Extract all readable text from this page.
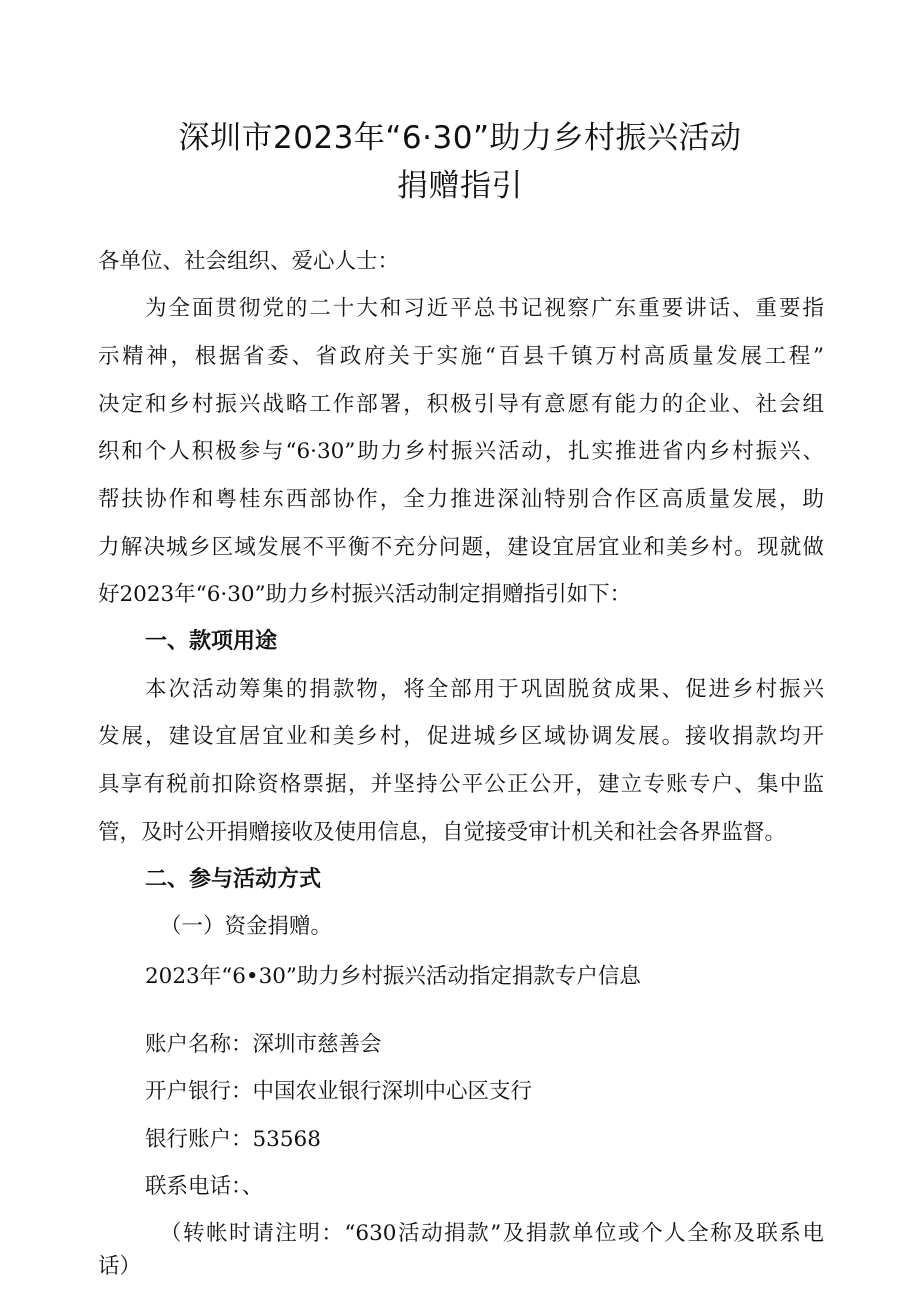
深圳市2023年“6·30”助力乡村振兴活动
捐赠指引
各单位、社会组织、爱心人士：
为全面贯彻党的二十大和习近平总书记视察广东重要讲话、重要指
示精神，根据省委、省政府关于实施“百县千镇万村高质量发展工程”
决定和乡村振兴战略工作部署，积极引导有意愿有能力的企业、社会组
织和个人积极参与“6·30”助力乡村振兴活动，扎实推进省内乡村振兴、
帮扶协作和粤桂东西部协作，全力推进深汕特别合作区高质量发展，助
力解决城乡区域发展不平衡不充分问题，建设宜居宜业和美乡村。现就做
好2023年“6·30”助力乡村振兴活动制定捐赠指引如下：
一、款项用途
本次活动筹集的捐款物，将全部用于巩固脱贫成果、促进乡村振兴
发展，建设宜居宜业和美乡村，促进城乡区域协调发展。接收捐款均开
具享有税前扣除资格票据，并坚持公平公正公开，建立专账专户、集中监
管，及时公开捐赠接收及使用信息，自觉接受审计机关和社会各界监督。
二、参与活动方式
（一）资金捐赠。
2023年“6•30”助力乡村振兴活动指定捐款专户信息
账户名称：深圳市慈善会
开户银行：中国农业银行深圳中心区支行
银行账户：53568
联系电话：、
（转帐时请注明：“630活动捐款”及捐款单位或个人全称及联系电
话）
